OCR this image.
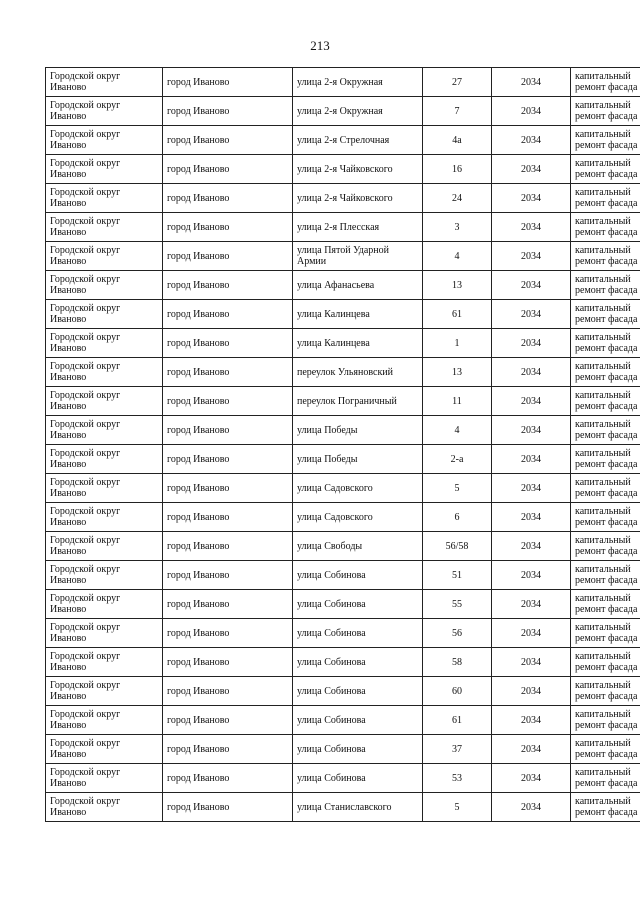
213
Городской округ Иваново	город Иваново	улица 2-я Окружная	27	2034	капитальный ремонт фасада
Городской округ Иваново	город Иваново	улица 2-я Окружная	7	2034	капитальный ремонт фасада
Городской округ Иваново	город Иваново	улица 2-я Стрелочная	4а	2034	капитальный ремонт фасада
Городской округ Иваново	город Иваново	улица 2-я Чайковского	16	2034	капитальный ремонт фасада
Городской округ Иваново	город Иваново	улица 2-я Чайковского	24	2034	капитальный ремонт фасада
Городской округ Иваново	город Иваново	улица 2-я Плесская	3	2034	капитальный ремонт фасада
Городской округ Иваново	город Иваново	улица Пятой Ударной Армии	4	2034	капитальный ремонт фасада
Городской округ Иваново	город Иваново	улица Афанасьева	13	2034	капитальный ремонт фасада
Городской округ Иваново	город Иваново	улица Калинцева	61	2034	капитальный ремонт фасада
Городской округ Иваново	город Иваново	улица Калинцева	1	2034	капитальный ремонт фасада
Городской округ Иваново	город Иваново	переулок Ульяновский	13	2034	капитальный ремонт фасада
Городской округ Иваново	город Иваново	переулок Пограничный	11	2034	капитальный ремонт фасада
Городской округ Иваново	город Иваново	улица Победы	4	2034	капитальный ремонт фасада
Городской округ Иваново	город Иваново	улица Победы	2-а	2034	капитальный ремонт фасада
Городской округ Иваново	город Иваново	улица Садовского	5	2034	капитальный ремонт фасада
Городской округ Иваново	город Иваново	улица Садовского	6	2034	капитальный ремонт фасада
Городской округ Иваново	город Иваново	улица Свободы	56/58	2034	капитальный ремонт фасада
Городской округ Иваново	город Иваново	улица Собинова	51	2034	капитальный ремонт фасада
Городской округ Иваново	город Иваново	улица Собинова	55	2034	капитальный ремонт фасада
Городской округ Иваново	город Иваново	улица Собинова	56	2034	капитальный ремонт фасада
Городской округ Иваново	город Иваново	улица Собинова	58	2034	капитальный ремонт фасада
Городской округ Иваново	город Иваново	улица Собинова	60	2034	капитальный ремонт фасада
Городской округ Иваново	город Иваново	улица Собинова	61	2034	капитальный ремонт фасада
Городской округ Иваново	город Иваново	улица Собинова	37	2034	капитальный ремонт фасада
Городской округ Иваново	город Иваново	улица Собинова	53	2034	капитальный ремонт фасада
Городской округ Иваново	город Иваново	улица Станиславского	5	2034	капитальный ремонт фасада
